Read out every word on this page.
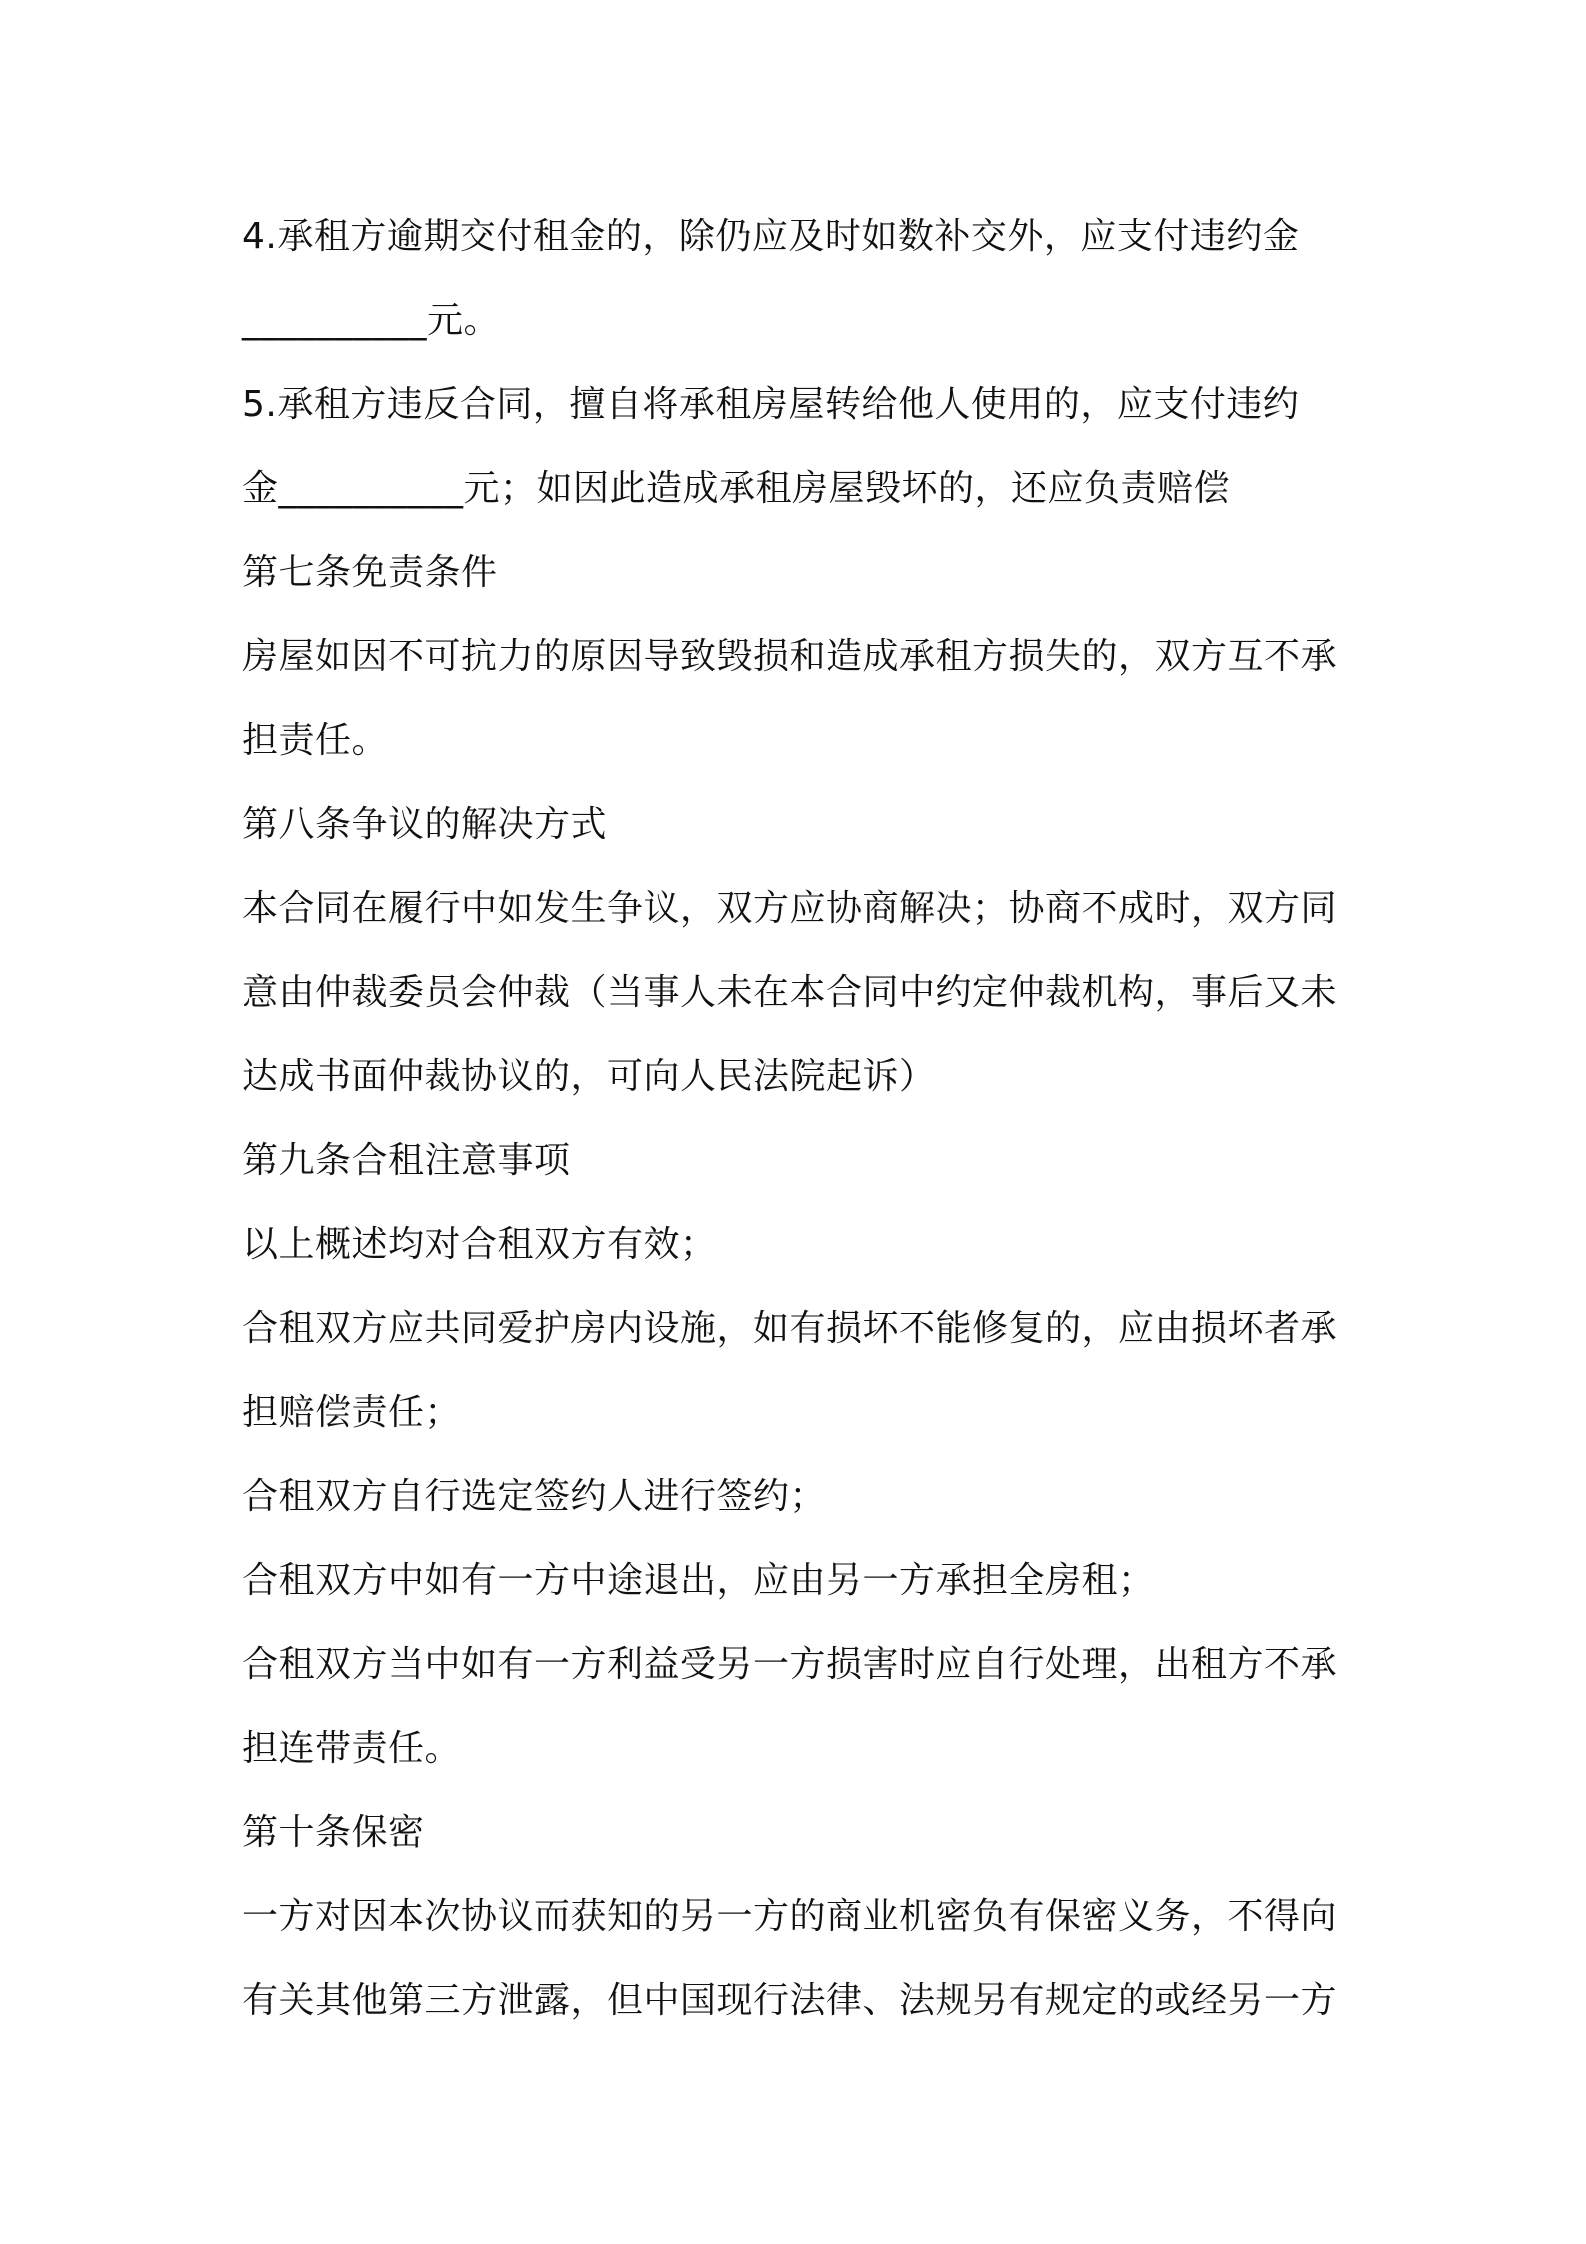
4.承租方逾期交付租金的，除仍应及时如数补交外，应支付违约金
__________元。
5.承租方违反合同，擅自将承租房屋转给他人使用的，应支付违约
金__________元；如因此造成承租房屋毁坏的，还应负责赔偿
第七条免责条件
房屋如因不可抗力的原因导致毁损和造成承租方损失的，双方互不承
担责任。
第八条争议的解决方式
本合同在履行中如发生争议，双方应协商解决；协商不成时，双方同
意由仲裁委员会仲裁（当事人未在本合同中约定仲裁机构，事后又未
达成书面仲裁协议的，可向人民法院起诉）
第九条合租注意事项
以上概述均对合租双方有效；
合租双方应共同爱护房内设施，如有损坏不能修复的，应由损坏者承
担赔偿责任；
合租双方自行选定签约人进行签约；
合租双方中如有一方中途退出，应由另一方承担全房租；
合租双方当中如有一方利益受另一方损害时应自行处理，出租方不承
担连带责任。
第十条保密
一方对因本次协议而获知的另一方的商业机密负有保密义务，不得向
有关其他第三方泄露，但中国现行法律、法规另有规定的或经另一方
